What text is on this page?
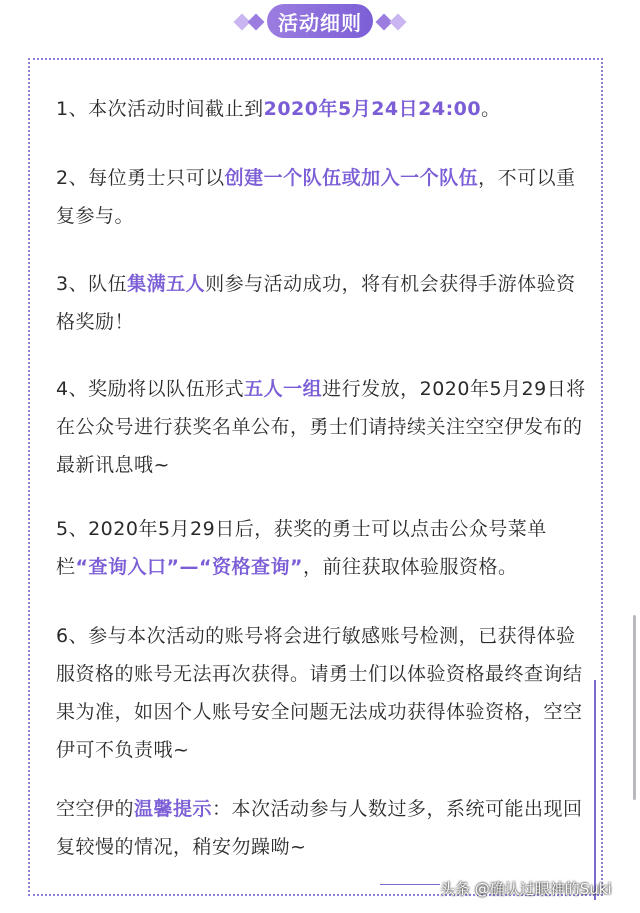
活动细则
1、本次活动时间截止到2020年5月24日24:00。
2、每位勇士只可以创建一个队伍或加入一个队伍，不可以重复参与。
3、队伍集满五人则参与活动成功，将有机会获得手游体验资格奖励！
4、奖励将以队伍形式五人一组进行发放，2020年5月29日将在公众号进行获奖名单公布，勇士们请持续关注空空伊发布的最新讯息哦~
5、2020年5月29日后，获奖的勇士可以点击公众号菜单栏“查询入口”—“资格查询”，前往获取体验服资格。
6、参与本次活动的账号将会进行敏感账号检测，已获得体验服资格的账号无法再次获得。请勇士们以体验资格最终查询结果为准，如因个人账号安全问题无法成功获得体验资格，空空伊可不负责哦~
空空伊的温馨提示：本次活动参与人数过多，系统可能出现回复较慢的情况，稍安勿躁呦~
头条 @确认过眼神的Suki
